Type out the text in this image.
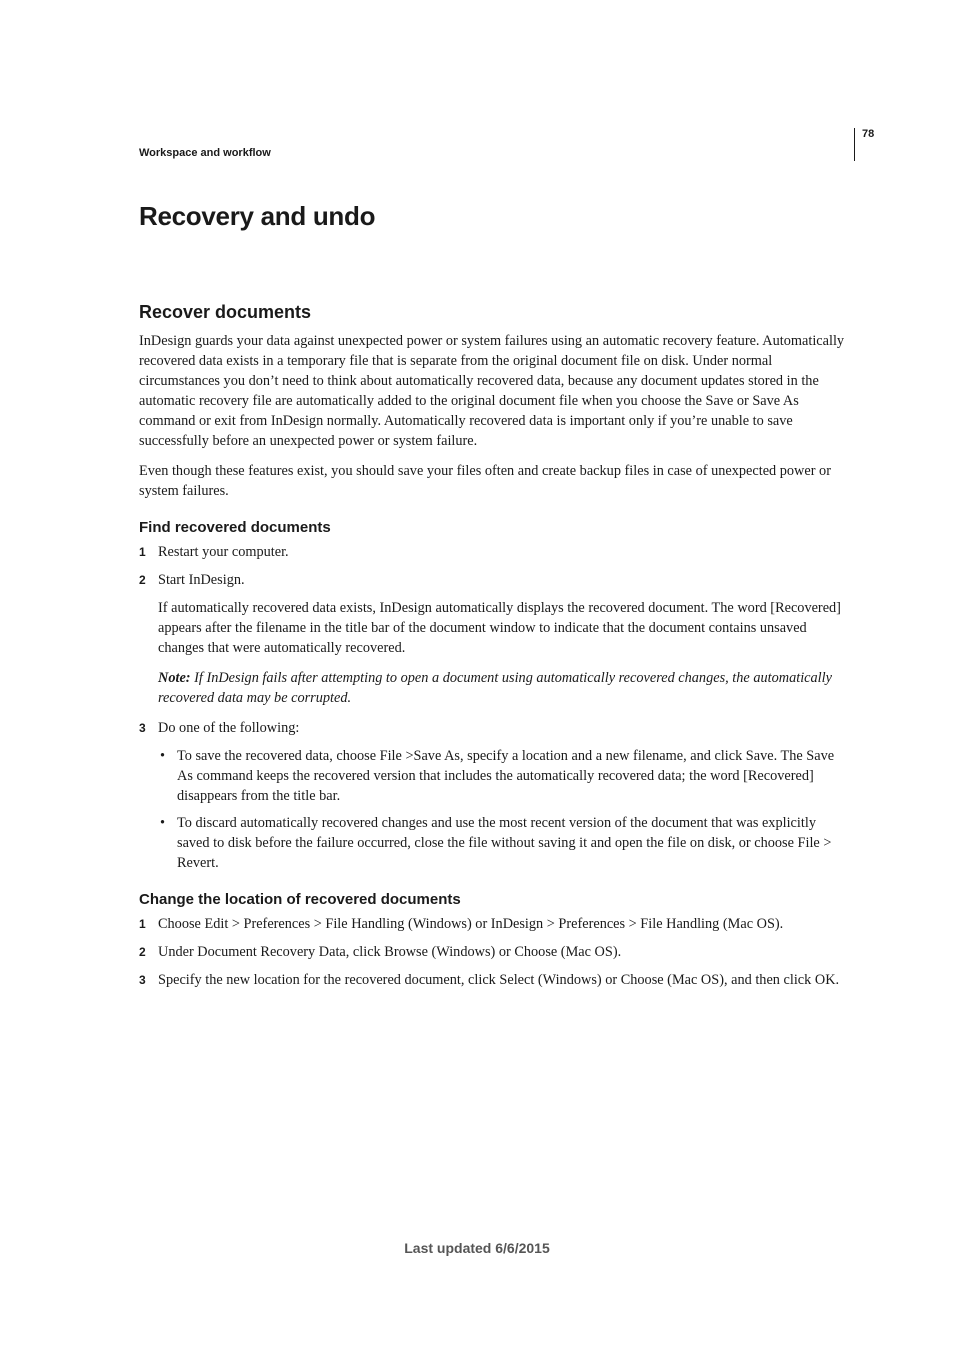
78
Workspace and workflow
Recovery and undo
Recover documents

InDesign guards your data against unexpected power or system failures using an automatic recovery feature. Automatically recovered data exists in a temporary file that is separate from the original document file on disk. Under normal circumstances you don’t need to think about automatically recovered data, because any document updates stored in the automatic recovery file are automatically added to the original document file when you choose the Save or Save As command or exit from InDesign normally. Automatically recovered data is important only if you’re unable to save successfully before an unexpected power or system failure.

Even though these features exist, you should save your files often and create backup files in case of unexpected power or system failures.

Find recovered documents
1 Restart your computer.
2 Start InDesign.

If automatically recovered data exists, InDesign automatically displays the recovered document. The word [Recovered] appears after the filename in the title bar of the document window to indicate that the document contains unsaved changes that were automatically recovered.

Note: If InDesign fails after attempting to open a document using automatically recovered changes, the automatically recovered data may be corrupted.

3 Do one of the following:
• To save the recovered data, choose File >Save As, specify a location and a new filename, and click Save. The Save As command keeps the recovered version that includes the automatically recovered data; the word [Recovered] disappears from the title bar.
• To discard automatically recovered changes and use the most recent version of the document that was explicitly saved to disk before the failure occurred, close the file without saving it and open the file on disk, or choose File > Revert.
Change the location of recovered documents
1 Choose Edit > Preferences > File Handling (Windows) or InDesign > Preferences > File Handling (Mac OS).
2 Under Document Recovery Data, click Browse (Windows) or Choose (Mac OS).
3 Specify the new location for the recovered document, click Select (Windows) or Choose (Mac OS), and then click OK.
Last updated 6/6/2015
